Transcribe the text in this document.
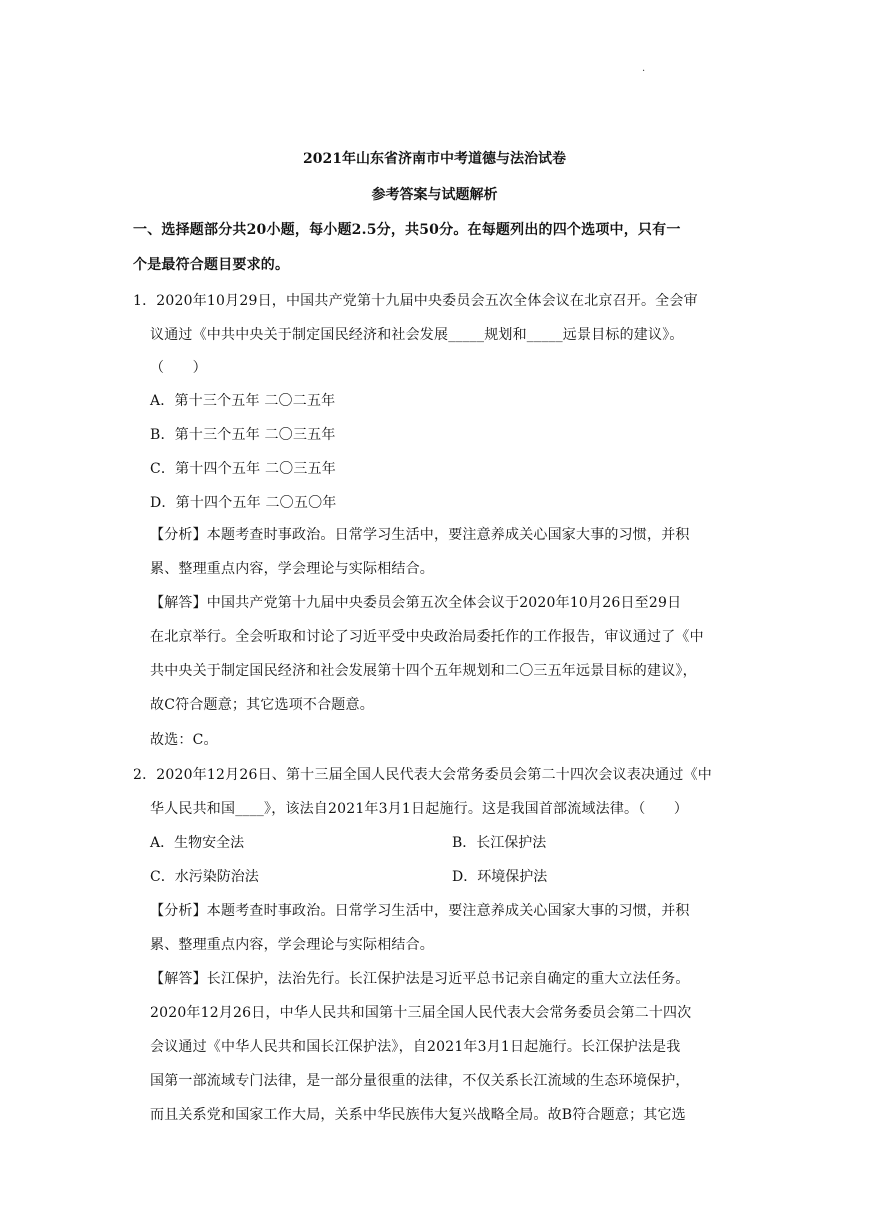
·
2021年山东省济南市中考道德与法治试卷
参考答案与试题解析
一、选择题部分共20小题，每小题2.5分，共50分。在每题列出的四个选项中，只有一
个是最符合题目要求的。
1．2020年10月29日，中国共产党第十九届中央委员会五次全体会议在北京召开。全会审
议通过《中共中央关于制定国民经济和社会发展_____规划和_____远景目标的建议》。
（　　）
A．第十三个五年 二〇二五年
B．第十三个五年 二〇三五年
C．第十四个五年 二〇三五年
D．第十四个五年 二〇五〇年
【分析】本题考查时事政治。日常学习生活中，要注意养成关心国家大事的习惯，并积
累、整理重点内容，学会理论与实际相结合。
【解答】中国共产党第十九届中央委员会第五次全体会议于2020年10月26日至29日
在北京举行。全会听取和讨论了习近平受中央政治局委托作的工作报告，审议通过了《中
共中央关于制定国民经济和社会发展第十四个五年规划和二〇三五年远景目标的建议》，
故C符合题意；其它选项不合题意。
故选：C。
2．2020年12月26日、第十三届全国人民代表大会常务委员会第二十四次会议表决通过《中
华人民共和国____》，该法自2021年3月1日起施行。这是我国首部流域法律。（　　）
A．生物安全法	B．长江保护法
C．水污染防治法	D．环境保护法
【分析】本题考查时事政治。日常学习生活中，要注意养成关心国家大事的习惯，并积
累、整理重点内容，学会理论与实际相结合。
【解答】长江保护，法治先行。长江保护法是习近平总书记亲自确定的重大立法任务。
2020年12月26日，中华人民共和国第十三届全国人民代表大会常务委员会第二十四次
会议通过《中华人民共和国长江保护法》，自2021年3月1日起施行。长江保护法是我
国第一部流域专门法律，是一部分量很重的法律，不仅关系长江流域的生态环境保护，
而且关系党和国家工作大局，关系中华民族伟大复兴战略全局。故B符合题意；其它选
